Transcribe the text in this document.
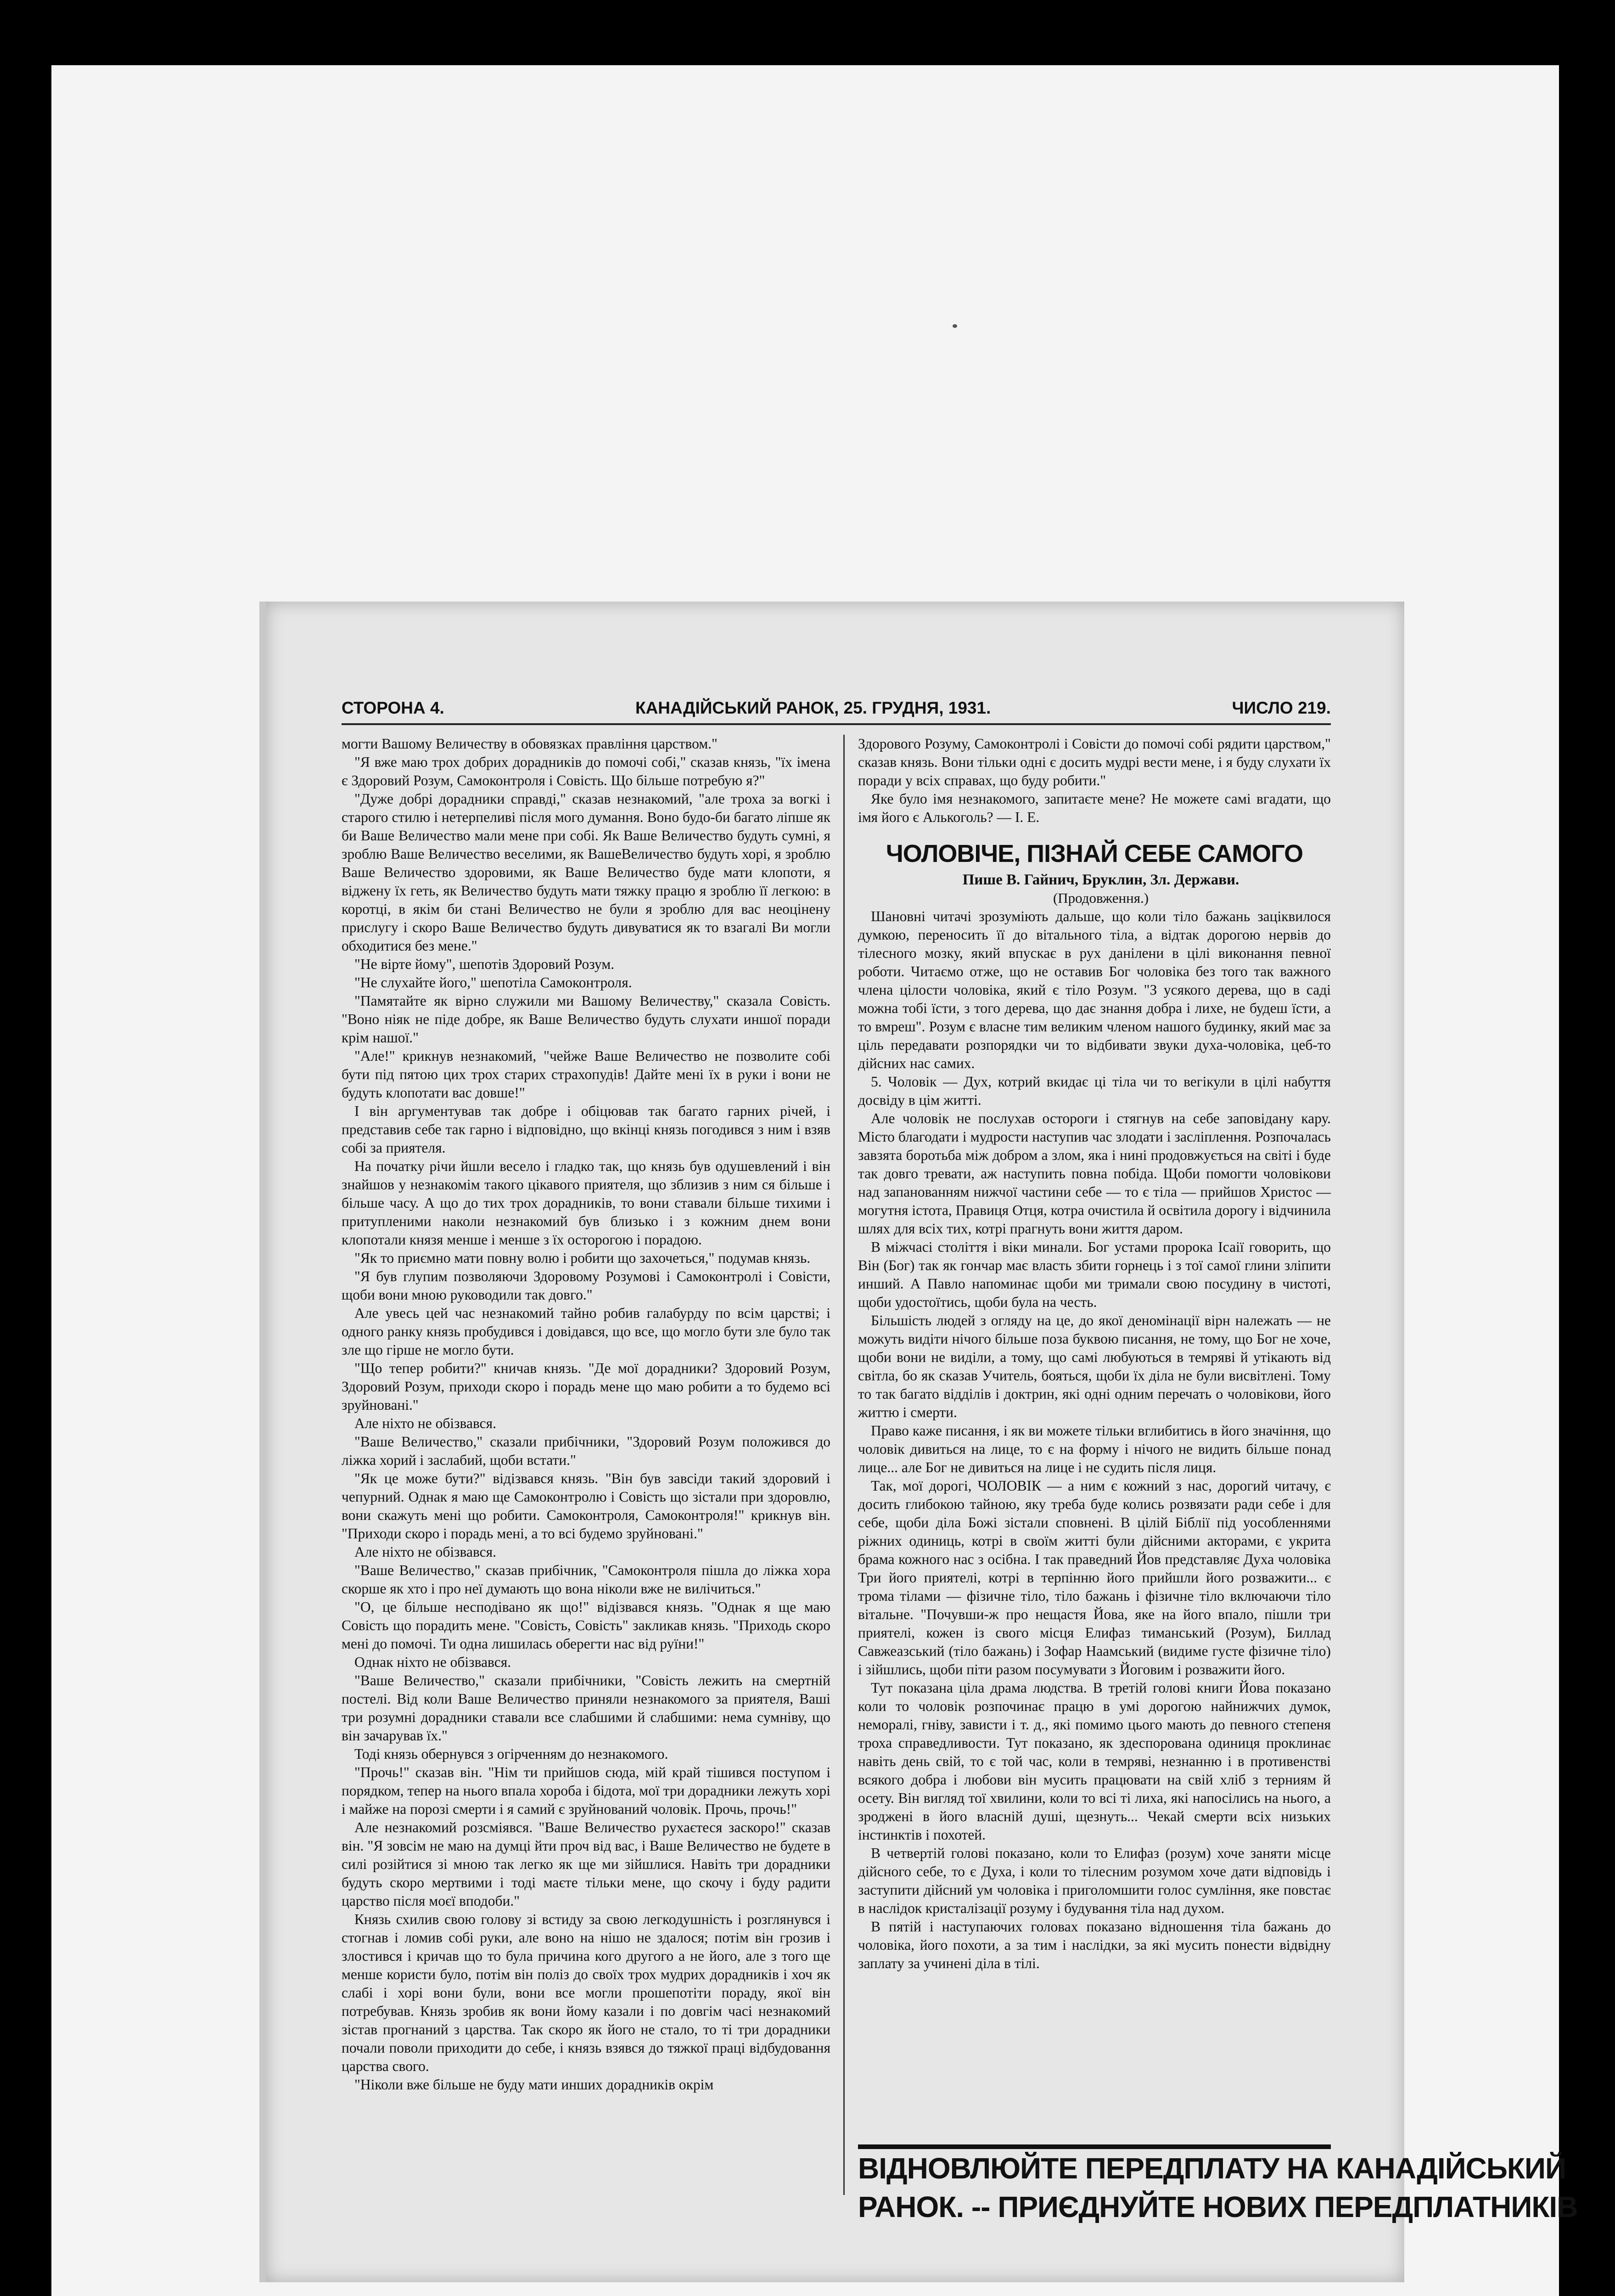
СТОРОНА 4.	КАНАДІЙСЬКИЙ РАНОК, 25. ГРУДНЯ, 1931.	ЧИСЛО 219.

могти Вашому Величеству в обовязках правління царством."

"Я вже маю трох добрих дорадників до помочі собі," сказав князь, "їх імена є Здоровий Розум, Самоконтроля і Совість. Що більше потребую я?"

"Дуже добрі дорадники справді," сказав незнакомий, "але троха за вогкі і старого стилю і нетерпеливі після мого думання. Воно будо-би багато ліпше як би Ваше Величество мали мене при собі. Як Ваше Величество будуть сумні, я зроблю Ваше Величество веселими, як ВашеВеличество будуть хорі, я зроблю Ваше Величество здоровими, як Ваше Величество буде мати клопоти, я віджену їх геть, як Величество будуть мати тяжку працю я зроблю її легкою: в коротці, в якім би стані Величество не були я зроблю для вас неоцінену прислугу і скоро Ваше Величество будуть дивуватися як то взагалі Ви могли обходитися без мене."

"Не вірте йому", шепотів Здоровий Розум.

"Не слухайте його," шепотіла Самоконтроля.

"Памятайте як вірно служили ми Вашому Величеству," сказала Совість. "Воно ніяк не піде добре, як Ваше Величество будуть слухати иншої поради крім нашої."

"Але!" крикнув незнакомий, "чейже Ваше Величество не позволите собі бути під пятою цих трох старих страхопудів! Дайте мені їх в руки і вони не будуть клопотати вас довше!"

І він аргументував так добре і обіцював так багато гарних річей, і представив себе так гарно і відповідно, що вкінці князь погодився з ним і взяв собі за приятеля.

На початку річи йшли весело і гладко так, що князь був одушевлений і він знайшов у незнакомім такого цікавого приятеля, що зблизив з ним ся більше і більше часу. А що до тих трох дорадників, то вони ставали більше тихими і притупленими наколи незнакомий був близько і з кожним днем вони клопотали князя менше і менше з їх осторогою і порадою.

"Як то приємно мати повну волю і робити що захочеться," подумав князь.

"Я був глупим позволяючи Здоровому Розумові і Самоконтролі і Совісти, щоби вони мною руководили так довго."

Але увесь цей час незнакомий тайно робив галабурду по всім царстві; і одного ранку князь пробудився і довідався, що все, що могло бути зле було так зле що гірше не могло бути.

"Що тепер робити?" кничав князь. "Де мої дорадники? Здоровий Розум, Здоровий Розум, приходи скоро і порадь мене що маю робити а то будемо всі зруйновані."

Але ніхто не обізвався.

"Ваше Величество," сказали прибічники, "Здоровий Розум положився до ліжка хорий і заслабий, щоби встати."

"Як це може бути?" відізвався князь. "Він був завсіди такий здоровий і чепурний. Однак я маю ще Самоконтролю і Совість що зістали при здоровлю, вони скажуть мені що робити. Самоконтроля, Самоконтроля!" крикнув він. "Приходи скоро і порадь мені, а то всі будемо зруйновані."

Але ніхто не обізвався.

"Ваше Величество," сказав прибічник, "Самоконтроля пішла до ліжка хора скорше як хто і про неї думають що вона ніколи вже не вилічиться."

"О, це більше несподівано як що!" відізвався князь. "Однак я ще маю Совість що порадить мене. "Совість, Совість" закликав князь. "Приходь скоро мені до помочі. Ти одна лишилась оберегти нас від руїни!"

Однак ніхто не обізвався.

"Ваше Величество," сказали прибічники, "Совість лежить на смертній постелі. Від коли Ваше Величество приняли незнакомого за приятеля, Ваші три розумні дорадники ставали все слабшими й слабшими: нема сумніву, що він зачарував їх."

Тоді князь обернувся з огірченням до незнакомого.

"Прочь!" сказав він. "Нім ти прийшов сюда, мій край тішився поступом і порядком, тепер на нього впала хороба і бідота, мої три дорадники лежуть хорі і майже на порозі смерти і я самий є зруйнований чоловік. Прочь, прочь!"

Але незнакомий розсміявся. "Ваше Величество рухаєтеся заскоро!" сказав він. "Я зовсім не маю на думці йти проч від вас, і Ваше Величество не будете в силі розійтися зі мною так легко як ще ми зійшлися. Навіть три дорадники будуть скоро мертвими і тоді маєте тільки мене, що скочу і буду радити царство після моєї вподоби."

Князь схилив свою голову зі встиду за свою легкодушність і розглянувся і стогнав і ломив собі руки, але воно на нішо не здалося; потім він грозив і злостився і кричав що то була причина кого другого а не його, але з того ще менше користи було, потім він поліз до своїх трох мудрих дорадників і хоч як слабі і хорі вони були, вони все могли прошепотіти пораду, якої він потребував. Князь зробив як вони йому казали і по довгім часі незнакомий зістав прогнаний з царства. Так скоро як його не стало, то ті три дорадники почали поволи приходити до себе, і князь взявся до тяжкої праці відбудовання царства свого.

"Ніколи вже більше не буду мати инших дорадників окрім

Здорового Розуму, Самоконтролі і Совісти до помочі собі рядити царством," сказав князь. Вони тільки одні є досить мудрі вести мене, і я буду слухати їх поради у всіх справах, що буду робити."

Яке було імя незнакомого, запитаєте мене? Не можете самі вгадати, що імя його є Алькоголь? — І. Е.

ЧОЛОВІЧЕ, ПІЗНАЙ СЕБЕ САМОГО

Пише В. Гайнич, Бруклин, Зл. Держави.

(Продовження.)

Шановні читачі зрозуміють дальше, що коли тіло бажань заціквилося думкою, переносить її до вітального тіла, а відтак дорогою нервів до тілесного мозку, який впускає в рух данілени в цілі виконання певної роботи. Читаємо отже, що не оставив Бог чоловіка без того так важного члена цілости чоловіка, який є тіло Розум. "З усякого дерева, що в саді можна тобі їсти, з того дерева, що дає знання добра і лихе, не будеш їсти, а то вмреш". Розум є власне тим великим членом нашого будинку, який має за ціль передавати розпорядки чи то відбивати звуки духа-чоловіка, цеб-то дійсних нас самих.

5. Чоловік — Дух, котрий вкидає ці тіла чи то вегікули в цілі набуття досвіду в цім житті.

Але чоловік не послухав остороги і стягнув на себе заповідану кару. Місто благодати і мудрости наступив час злодати і засліплення. Розпочалась завзята боротьба між добром а злом, яка і нині продовжується на світі і буде так довго тревати, аж наступить повна побіда. Щоби помогти чоловікови над запанованням нижчої частини себе — то є тіла — прийшов Христос — могутня істота, Правиця Отця, котра очистила й освітила дорогу і відчинила шлях для всіх тих, котрі прагнуть вони життя даром.

В міжчасі століття і віки минали. Бог устами пророка Ісаії говорить, що Він (Бог) так як гончар має власть збити горнець і з тої самої глини зліпити инший. А Павло напоминає щоби ми тримали свою посудину в чистоті, щоби удостоїтись, щоби була на честь.

Більшість людей з огляду на це, до якої деномінації вірн належать — не можуть видіти нічого більше поза буквою писання, не тому, що Бог не хоче, щоби вони не виділи, а тому, що самі любуються в темряві й утікають від світла, бо як сказав Учитель, бояться, щоби їх діла не були висвітлені. Тому то так багато відділів і доктрин, які одні одним перечать о чоловікови, його життю і смерти.

Право каже писання, і як ви можете тільки вглибитись в його значіння, що чоловік дивиться на лице, то є на форму і нічого не видить більше понад лице... але Бог не дивиться на лице і не судить після лиця.

Так, мої дорогі, ЧОЛОВІК — а ним є кожний з нас, дорогий читачу, є досить глибокою тайною, яку треба буде колись розвязати ради себе і для себе, щоби діла Божі зістали сповнені. В цілій Біблії під уособленнями ріжних одиниць, котрі в своїм житті були дійсними акторами, є укрита брама кожного нас з осібна. І так праведний Йов представляє Духа чоловіка Три його приятелі, котрі в терпінню його прийшли його розважити... є трома тілами — фізичне тіло, тіло бажань і фізичне тіло включаючи тіло вітальне. "Почувши-ж про нещастя Йова, яке на його впало, пішли три приятелі, кожен із свого місця Елифаз тиманський (Розум), Биллад Савжеазський (тіло бажань) і Зофар Наамський (видиме густе фізичне тіло) і зійшлись, щоби піти разом посумувати з Йоговим і розважити його.

Тут показана ціла драма людства. В третій голові книги Йова показано коли то чоловік розпочинає працю в умі дорогою найнижчих думок, неморалі, гніву, зависти і т. д., які помимо цього мають до певного степеня троха справедливости. Тут показано, як здеспорована одиниця проклинає навіть день свій, то є той час, коли в темряві, незнанню і в противенстві всякого добра і любови він мусить працювати на свій хліб з терниям й осету. Він вигляд тої хвилини, коли то всі ті лиха, які напосілись на нього, а зроджені в його власній душі, щезнуть... Чекай смерти всіх низьких інстинктів і похотей.

В четвертій голові показано, коли то Елифаз (розум) хоче заняти місце дійсного себе, то є Духа, і коли то тілесним розумом хоче дати відповідь і заступити дійсний ум чоловіка і приголомшити голос сумління, яке повстає в наслідок кристалізації розуму і будування тіла над духом.

В пятій і наступаючих головах показано відношення тіла бажань до чоловіка, його похоти, а за тим і наслідки, за які мусить понести відвідну заплату за учинені діла в тілі.

ВІДНОВЛЮЙТЕ ПЕРЕДПЛАТУ НА КАНАДІЙСЬКИЙ
РАНОК. -- ПРИЄДНУЙТЕ НОВИХ ПЕРЕДПЛАТНИКІВ
